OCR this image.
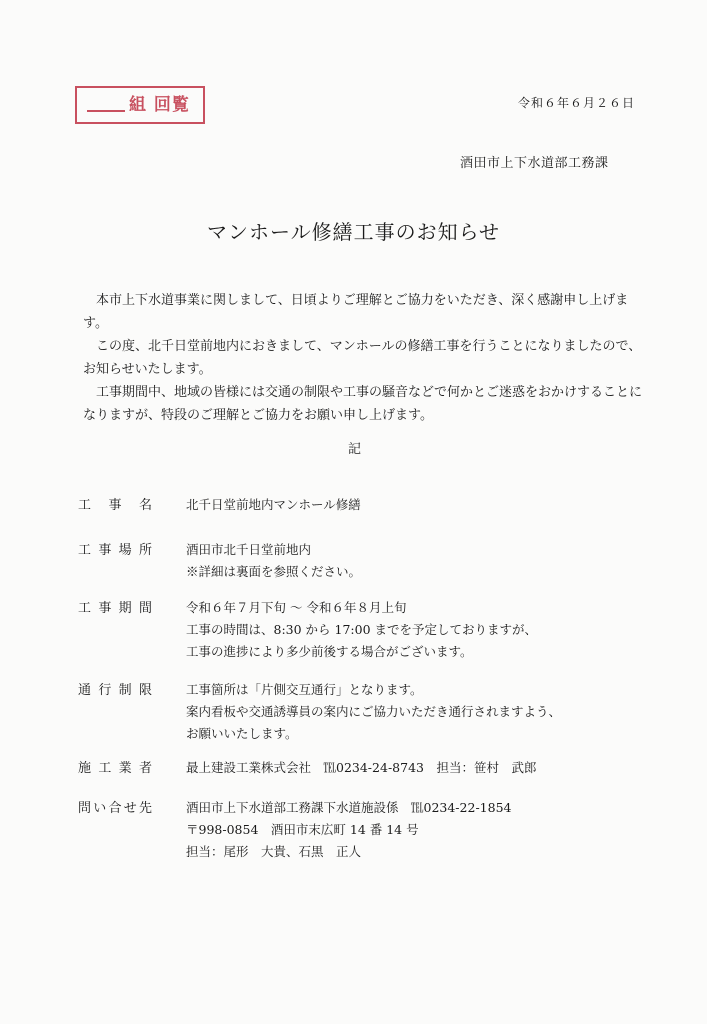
組 回覧	令和６年６月２６日
酒田市上下水道部工務課
マンホール修繕工事のお知らせ

本市上下水道事業に関しまして、日頃よりご理解とご協力をいただき、深く感謝申し上げます。

この度、北千日堂前地内におきまして、マンホールの修繕工事を行うことになりましたので、お知らせいたします。

工事期間中、地域の皆様には交通の制限や工事の騒音などで何かとご迷惑をおかけすることになりますが、特段のご理解とご協力をお願い申し上げます。

記
工 事 名	北千日堂前地内マンホール修繕
工 事 場 所	酒田市北千日堂前地内
※詳細は裏面を参照ください。
工 事 期 間	令和６年７月下旬 ～ 令和６年８月上旬
工事の時間は、8:30 から 17:00 までを予定しておりますが、
工事の進捗により多少前後する場合がございます。
通 行 制 限	工事箇所は「片側交互通行」となります。
案内看板や交通誘導員の案内にご協力いただき通行されますよう、
お願いいたします。
施 工 業 者	最上建設工業株式会社　℡0234-24-8743　担当：笹村　武郎
問 い 合 せ 先	酒田市上下水道部工務課下水道施設係　℡0234-22-1854
〒998-0854　酒田市末広町 14 番 14 号
担当：尾形　大貴、石黒　正人
